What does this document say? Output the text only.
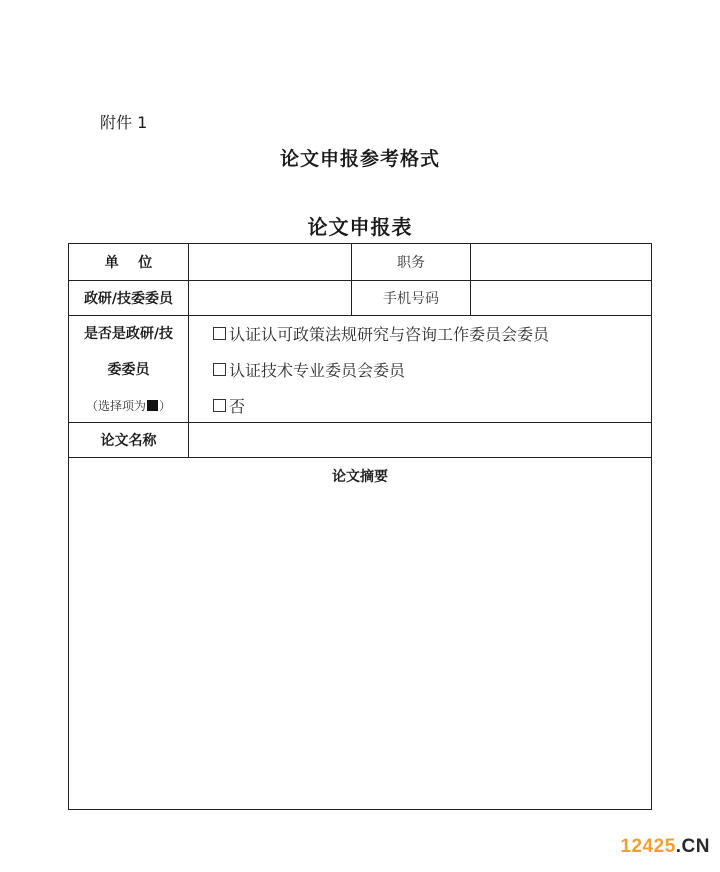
附件 1
论文申报参考格式
论文申报表
单    位	职务
政研/技委委员	手机号码
是否是政研/技
委委员
（选择项为 ）
认证认可政策法规研究与咨询工作委员会委员
认证技术专业委员会委员
否
论文名称
论文摘要
12425.CN
